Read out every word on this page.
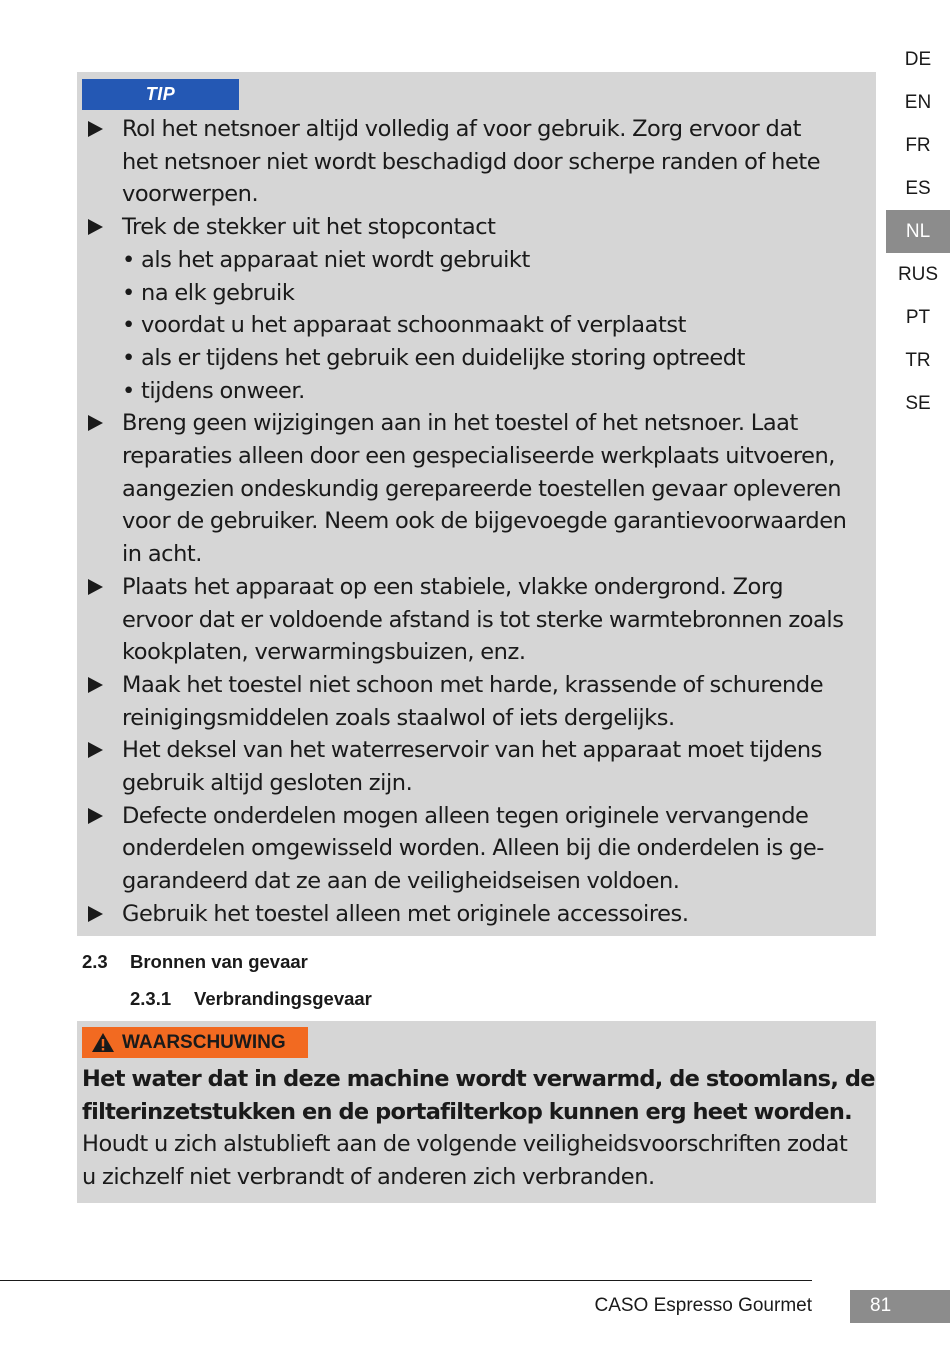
DE
EN
FR
ES
NL
RUS
PT
TR
SE
TIP
Rol het netsnoer altijd volledig af voor gebruik. Zorg ervoor dat
het netsnoer niet wordt beschadigd door scherpe randen of hete
voorwerpen.
Trek de stekker uit het stopcontact
• als het apparaat niet wordt gebruikt
• na elk gebruik
• voordat u het apparaat schoonmaakt of verplaatst
• als er tijdens het gebruik een duidelijke storing optreedt
• tijdens onweer.
Breng geen wijzigingen aan in het toestel of het netsnoer. Laat
reparaties alleen door een gespecialiseerde werkplaats uitvoeren,
aangezien ondeskundig gerepareerde toestellen gevaar opleveren
voor de gebruiker. Neem ook de bijgevoegde garantievoorwaarden
in acht.
Plaats het apparaat op een stabiele, vlakke ondergrond. Zorg
ervoor dat er voldoende afstand is tot sterke warmtebronnen zoals
kookplaten, verwarmingsbuizen, enz.
Maak het toestel niet schoon met harde, krassende of schurende
reinigingsmiddelen zoals staalwol of iets dergelijks.
Het deksel van het waterreservoir van het apparaat moet tijdens
gebruik altijd gesloten zijn.
Defecte onderdelen mogen alleen tegen originele vervangende
onderdelen omgewisseld worden. Alleen bij die onderdelen is ge-
garandeerd dat ze aan de veiligheidseisen voldoen.
Gebruik het toestel alleen met originele accessoires.
2.3 Bronnen van gevaar
2.3.1 Verbrandingsgevaar
WAARSCHUWING
Het water dat in deze machine wordt verwarmd, de stoomlans, de
filterinzetstukken en de portafilterkop kunnen erg heet worden.
Houdt u zich alstublieft aan de volgende veiligheidsvoorschriften zodat
u zichzelf niet verbrandt of anderen zich verbranden.
CASO Espresso Gourmet	81
